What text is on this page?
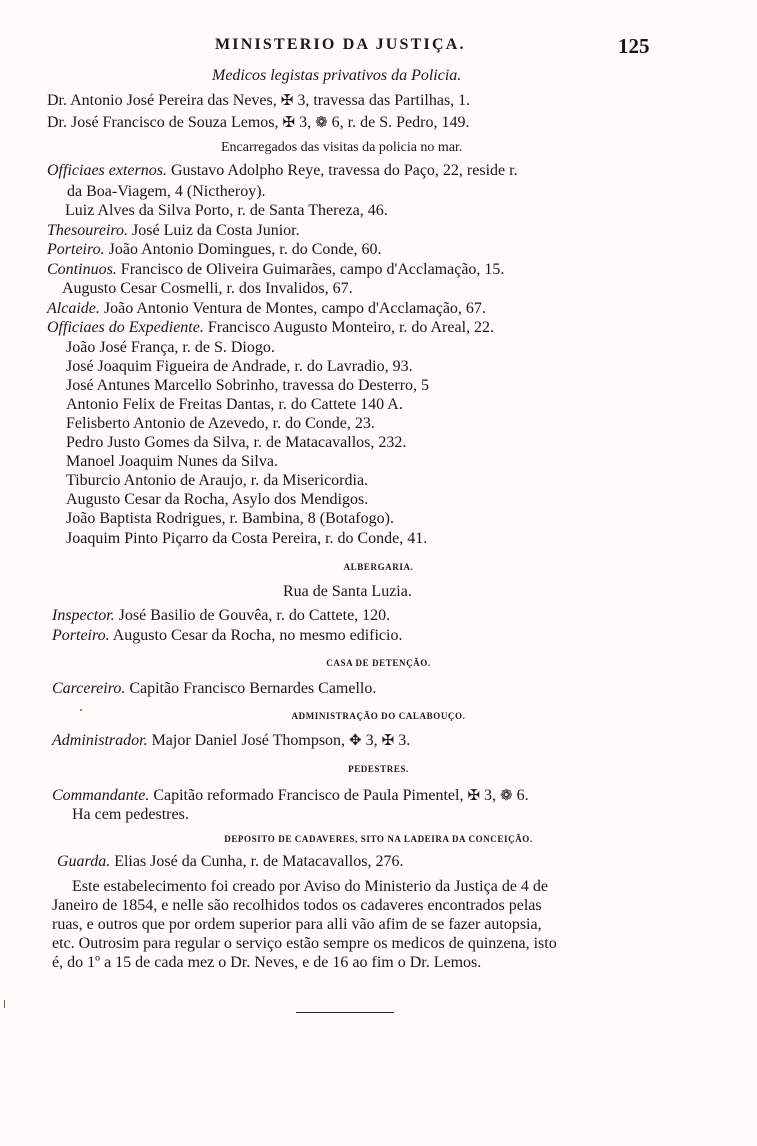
MINISTERIO DA JUSTIÇA.	125
Medicos legistas privativos da Policia.
Dr. Antonio José Pereira das Neves, ✠ 3, travessa das Partilhas, 1.
Dr. José Francisco de Souza Lemos, ✠ 3, ❁ 6, r. de S. Pedro, 149.
Encarregados das visitas da policia no mar.
Officiaes externos. Gustavo Adolpho Reye, travessa do Paço, 22, reside r.
da Boa-Viagem, 4 (Nictheroy).
Luiz Alves da Silva Porto, r. de Santa Thereza, 46.
Thesoureiro. José Luiz da Costa Junior.
Porteiro. João Antonio Domingues, r. do Conde, 60.
Continuos. Francisco de Oliveira Guimarães, campo d'Acclamação, 15.
Augusto Cesar Cosmelli, r. dos Invalidos, 67.
Alcaide. João Antonio Ventura de Montes, campo d'Acclamação, 67.
Officiaes do Expediente. Francisco Augusto Monteiro, r. do Areal, 22.
João José França, r. de S. Diogo.
José Joaquim Figueira de Andrade, r. do Lavradio, 93.
José Antunes Marcello Sobrinho, travessa do Desterro, 5
Antonio Felix de Freitas Dantas, r. do Cattete 140 A.
Felisberto Antonio de Azevedo, r. do Conde, 23.
Pedro Justo Gomes da Silva, r. de Matacavallos, 232.
Manoel Joaquim Nunes da Silva.
Tiburcio Antonio de Araujo, r. da Misericordia.
Augusto Cesar da Rocha, Asylo dos Mendigos.
João Baptista Rodrigues, r. Bambina, 8 (Botafogo).
Joaquim Pinto Piçarro da Costa Pereira, r. do Conde, 41.
ALBERGARIA.
Rua de Santa Luzia.
Inspector. José Basilio de Gouvêa, r. do Cattete, 120.
Porteiro. Augusto Cesar da Rocha, no mesmo edificio.
CASA DE DETENÇÃO.
Carcereiro. Capitão Francisco Bernardes Camello.
ADMINISTRAÇÃO DO CALABOUÇO.
Administrador. Major Daniel José Thompson, ✥ 3, ✠ 3.
PEDESTRES.
Commandante. Capitão reformado Francisco de Paula Pimentel, ✠ 3, ❁ 6.
Ha cem pedestres.
DEPOSITO DE CADAVERES, SITO NA LADEIRA DA CONCEIÇÃO.
Guarda. Elias José da Cunha, r. de Matacavallos, 276.
Este estabelecimento foi creado por Aviso do Ministerio da Justiça de 4 de
Janeiro de 1854, e nelle são recolhidos todos os cadaveres encontrados pelas
ruas, e outros que por ordem superior para alli vão afim de se fazer autopsia,
etc. Outrosim para regular o serviço estão sempre os medicos de quinzena, isto
é, do 1º a 15 de cada mez o Dr. Neves, e de 16 ao fim o Dr. Lemos.
